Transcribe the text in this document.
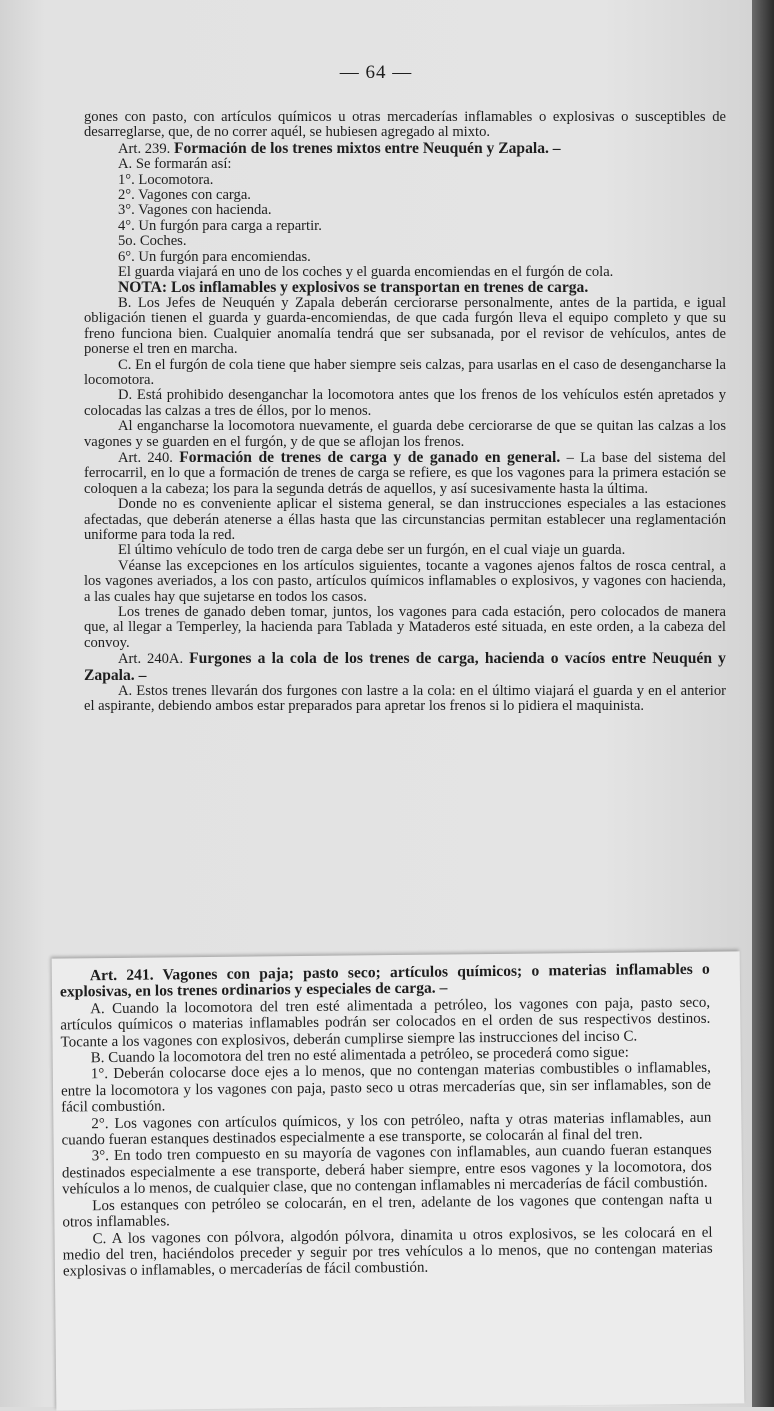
— 64 —

gones con pasto, con artículos químicos u otras mercaderías inflamables o explosivas o susceptibles de desarreglarse, que, de no correr aquél, se hubiesen agregado al mixto.

Art. 239. Formación de los trenes mixtos entre Neuquén y Zapala. –

A. Se formarán así:

1°. Locomotora.

2°. Vagones con carga.

3°. Vagones con hacienda.

4°. Un furgón para carga a repartir.

5o. Coches.

6°. Un furgón para encomiendas.

El guarda viajará en uno de los coches y el guarda encomiendas en el furgón de cola.

NOTA: Los inflamables y explosivos se transportan en trenes de carga.

B. Los Jefes de Neuquén y Zapala deberán cerciorarse personalmente, antes de la partida, e igual obligación tienen el guarda y guarda-encomiendas, de que cada furgón lleva el equipo completo y que su freno funciona bien. Cualquier anomalía tendrá que ser subsanada, por el revisor de vehículos, antes de ponerse el tren en marcha.

C. En el furgón de cola tiene que haber siempre seis calzas, para usarlas en el caso de desengancharse la locomotora.

D. Está prohibido desenganchar la locomotora antes que los frenos de los vehículos estén apretados y colocadas las calzas a tres de éllos, por lo menos.

Al engancharse la locomotora nuevamente, el guarda debe cerciorarse de que se quitan las calzas a los vagones y se guarden en el furgón, y de que se aflojan los frenos.

Art. 240. Formación de trenes de carga y de ganado en general. – La base del sistema del ferrocarril, en lo que a formación de trenes de carga se refiere, es que los vagones para la primera estación se coloquen a la cabeza; los para la segunda detrás de aquellos, y así sucesivamente hasta la última.

Donde no es conveniente aplicar el sistema general, se dan instrucciones especiales a las estaciones afectadas, que deberán atenerse a éllas hasta que las circunstancias permitan establecer una reglamentación uniforme para toda la red.

El último vehículo de todo tren de carga debe ser un furgón, en el cual viaje un guarda.

Véanse las excepciones en los artículos siguientes, tocante a vagones ajenos faltos de rosca central, a los vagones averiados, a los con pasto, artículos químicos inflamables o explosivos, y vagones con hacienda, a las cuales hay que sujetarse en todos los casos.

Los trenes de ganado deben tomar, juntos, los vagones para cada estación, pero colocados de manera que, al llegar a Temperley, la hacienda para Tablada y Mataderos esté situada, en este orden, a la cabeza del convoy.

Art. 240A. Furgones a la cola de los trenes de carga, hacienda o vacíos entre Neuquén y Zapala. –

A. Estos trenes llevarán dos furgones con lastre a la cola: en el último viajará el guarda y en el anterior el aspirante, debiendo ambos estar preparados para apretar los frenos si lo pidiera el maquinista.

Art. 241. Vagones con paja; pasto seco; artículos químicos; o materias inflamables o explosivas, en los trenes ordinarios y especiales de carga. –

A. Cuando la locomotora del tren esté alimentada a petróleo, los vagones con paja, pasto seco, artículos químicos o materias inflamables podrán ser colocados en el orden de sus respectivos destinos. Tocante a los vagones con explosivos, deberán cumplirse siempre las instrucciones del inciso C.

B. Cuando la locomotora del tren no esté alimentada a petróleo, se procederá como sigue:

1°. Deberán colocarse doce ejes a lo menos, que no contengan materias combustibles o inflamables, entre la locomotora y los vagones con paja, pasto seco u otras mercaderías que, sin ser inflamables, son de fácil combustión.

2°. Los vagones con artículos químicos, y los con petróleo, nafta y otras materias inflamables, aun cuando fueran estanques destinados especialmente a ese transporte, se colocarán al final del tren.

3°. En todo tren compuesto en su mayoría de vagones con inflamables, aun cuando fueran estanques destinados especialmente a ese transporte, deberá haber siempre, entre esos vagones y la locomotora, dos vehículos a lo menos, de cualquier clase, que no contengan inflamables ni mercaderías de fácil combustión.

Los estanques con petróleo se colocarán, en el tren, adelante de los vagones que contengan nafta u otros inflamables.

C. A los vagones con pólvora, algodón pólvora, dinamita u otros explosivos, se les colocará en el medio del tren, haciéndolos preceder y seguir por tres vehículos a lo menos, que no contengan materias explosivas o inflamables, o mercaderías de fácil combustión.
